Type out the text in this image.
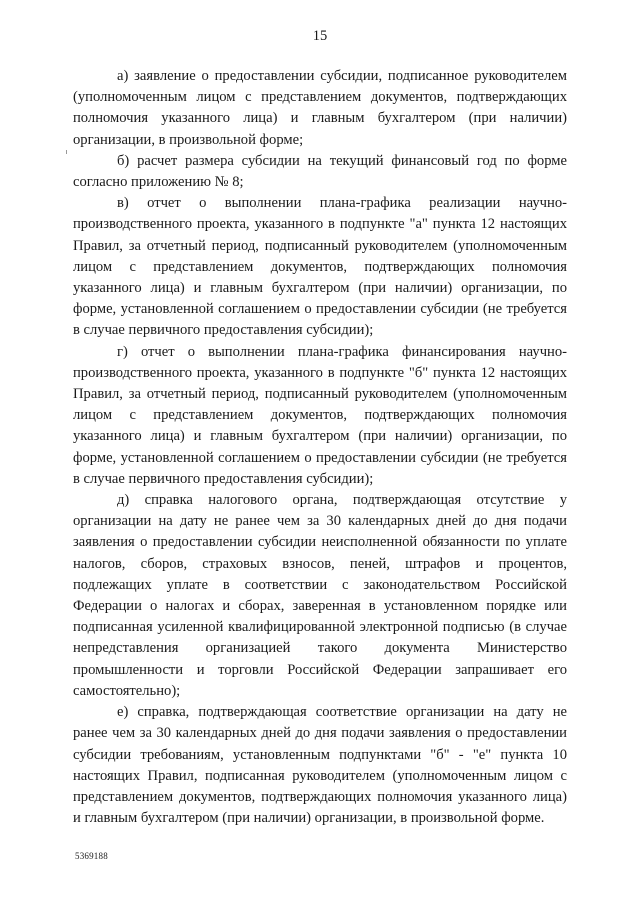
15

а) заявление о предоставлении субсидии, подписанное руководителем (уполномоченным лицом с представлением документов, подтверждающих полномочия указанного лица) и главным бухгалтером (при наличии) организации, в произвольной форме;

б) расчет размера субсидии на текущий финансовый год по форме согласно приложению № 8;

в) отчет о выполнении плана-графика реализации научно-производственного проекта, указанного в подпункте "а" пункта 12 настоящих Правил, за отчетный период, подписанный руководителем (уполномоченным лицом с представлением документов, подтверждающих полномочия указанного лица) и главным бухгалтером (при наличии) организации, по форме, установленной соглашением о предоставлении субсидии (не требуется в случае первичного предоставления субсидии);

г) отчет о выполнении плана-графика финансирования научно-производственного проекта, указанного в подпункте "б" пункта 12 настоящих Правил, за отчетный период, подписанный руководителем (уполномоченным лицом с представлением документов, подтверждающих полномочия указанного лица) и главным бухгалтером (при наличии) организации, по форме, установленной соглашением о предоставлении субсидии (не требуется в случае первичного предоставления субсидии);

д) справка налогового органа, подтверждающая отсутствие у организации на дату не ранее чем за 30 календарных дней до дня подачи заявления о предоставлении субсидии неисполненной обязанности по уплате налогов, сборов, страховых взносов, пеней, штрафов и процентов, подлежащих уплате в соответствии с законодательством Российской Федерации о налогах и сборах, заверенная в установленном порядке или подписанная усиленной квалифицированной электронной подписью (в случае непредставления организацией такого документа Министерство промышленности и торговли Российской Федерации запрашивает его самостоятельно);

е) справка, подтверждающая соответствие организации на дату не ранее чем за 30 календарных дней до дня подачи заявления о предоставлении субсидии требованиям, установленным подпунктами "б" - "е" пункта 10 настоящих Правил, подписанная руководителем (уполномоченным лицом с представлением документов, подтверждающих полномочия указанного лица) и главным бухгалтером (при наличии) организации, в произвольной форме.

5369188
